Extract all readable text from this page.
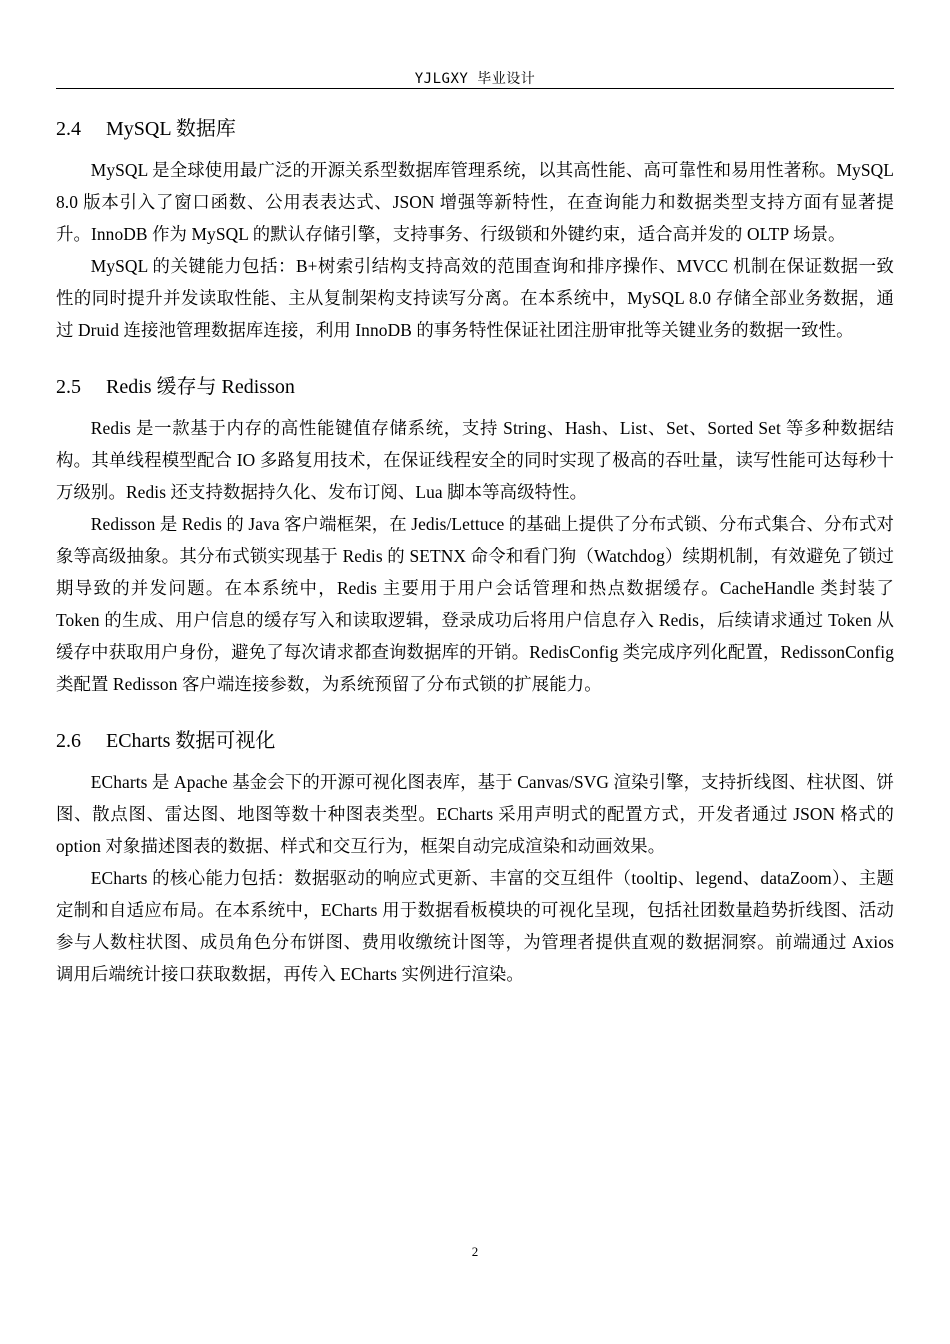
YJLGXY 毕业设计
2.4 MySQL 数据库

MySQL 是全球使用最广泛的开源关系型数据库管理系统，以其高性能、高可靠性和易用性著称。MySQL 8.0 版本引入了窗口函数、公用表表达式、JSON 增强等新特性，在查询能力和数据类型支持方面有显著提升。InnoDB 作为 MySQL 的默认存储引擎，支持事务、行级锁和外键约束，适合高并发的 OLTP 场景。

MySQL 的关键能力包括：B+树索引结构支持高效的范围查询和排序操作、MVCC 机制在保证数据一致性的同时提升并发读取性能、主从复制架构支持读写分离。在本系统中，MySQL 8.0 存储全部业务数据，通过 Druid 连接池管理数据库连接，利用 InnoDB 的事务特性保证社团注册审批等关键业务的数据一致性。

2.5 Redis 缓存与 Redisson

Redis 是一款基于内存的高性能键值存储系统，支持 String、Hash、List、Set、Sorted Set 等多种数据结构。其单线程模型配合 IO 多路复用技术，在保证线程安全的同时实现了极高的吞吐量，读写性能可达每秒十万级别。Redis 还支持数据持久化、发布订阅、Lua 脚本等高级特性。

Redisson 是 Redis 的 Java 客户端框架，在 Jedis/Lettuce 的基础上提供了分布式锁、分布式集合、分布式对象等高级抽象。其分布式锁实现基于 Redis 的 SETNX 命令和看门狗（Watchdog）续期机制，有效避免了锁过期导致的并发问题。在本系统中，Redis 主要用于用户会话管理和热点数据缓存。CacheHandle 类封装了 Token 的生成、用户信息的缓存写入和读取逻辑，登录成功后将用户信息存入 Redis，后续请求通过 Token 从缓存中获取用户身份，避免了每次请求都查询数据库的开销。RedisConfig 类完成序列化配置，RedissonConfig 类配置 Redisson 客户端连接参数，为系统预留了分布式锁的扩展能力。

2.6 ECharts 数据可视化

ECharts 是 Apache 基金会下的开源可视化图表库，基于 Canvas/SVG 渲染引擎，支持折线图、柱状图、饼图、散点图、雷达图、地图等数十种图表类型。ECharts 采用声明式的配置方式，开发者通过 JSON 格式的 option 对象描述图表的数据、样式和交互行为，框架自动完成渲染和动画效果。

ECharts 的核心能力包括：数据驱动的响应式更新、丰富的交互组件（tooltip、legend、dataZoom）、主题定制和自适应布局。在本系统中，ECharts 用于数据看板模块的可视化呈现，包括社团数量趋势折线图、活动参与人数柱状图、成员角色分布饼图、费用收缴统计图等，为管理者提供直观的数据洞察。前端通过 Axios 调用后端统计接口获取数据，再传入 ECharts 实例进行渲染。

2
